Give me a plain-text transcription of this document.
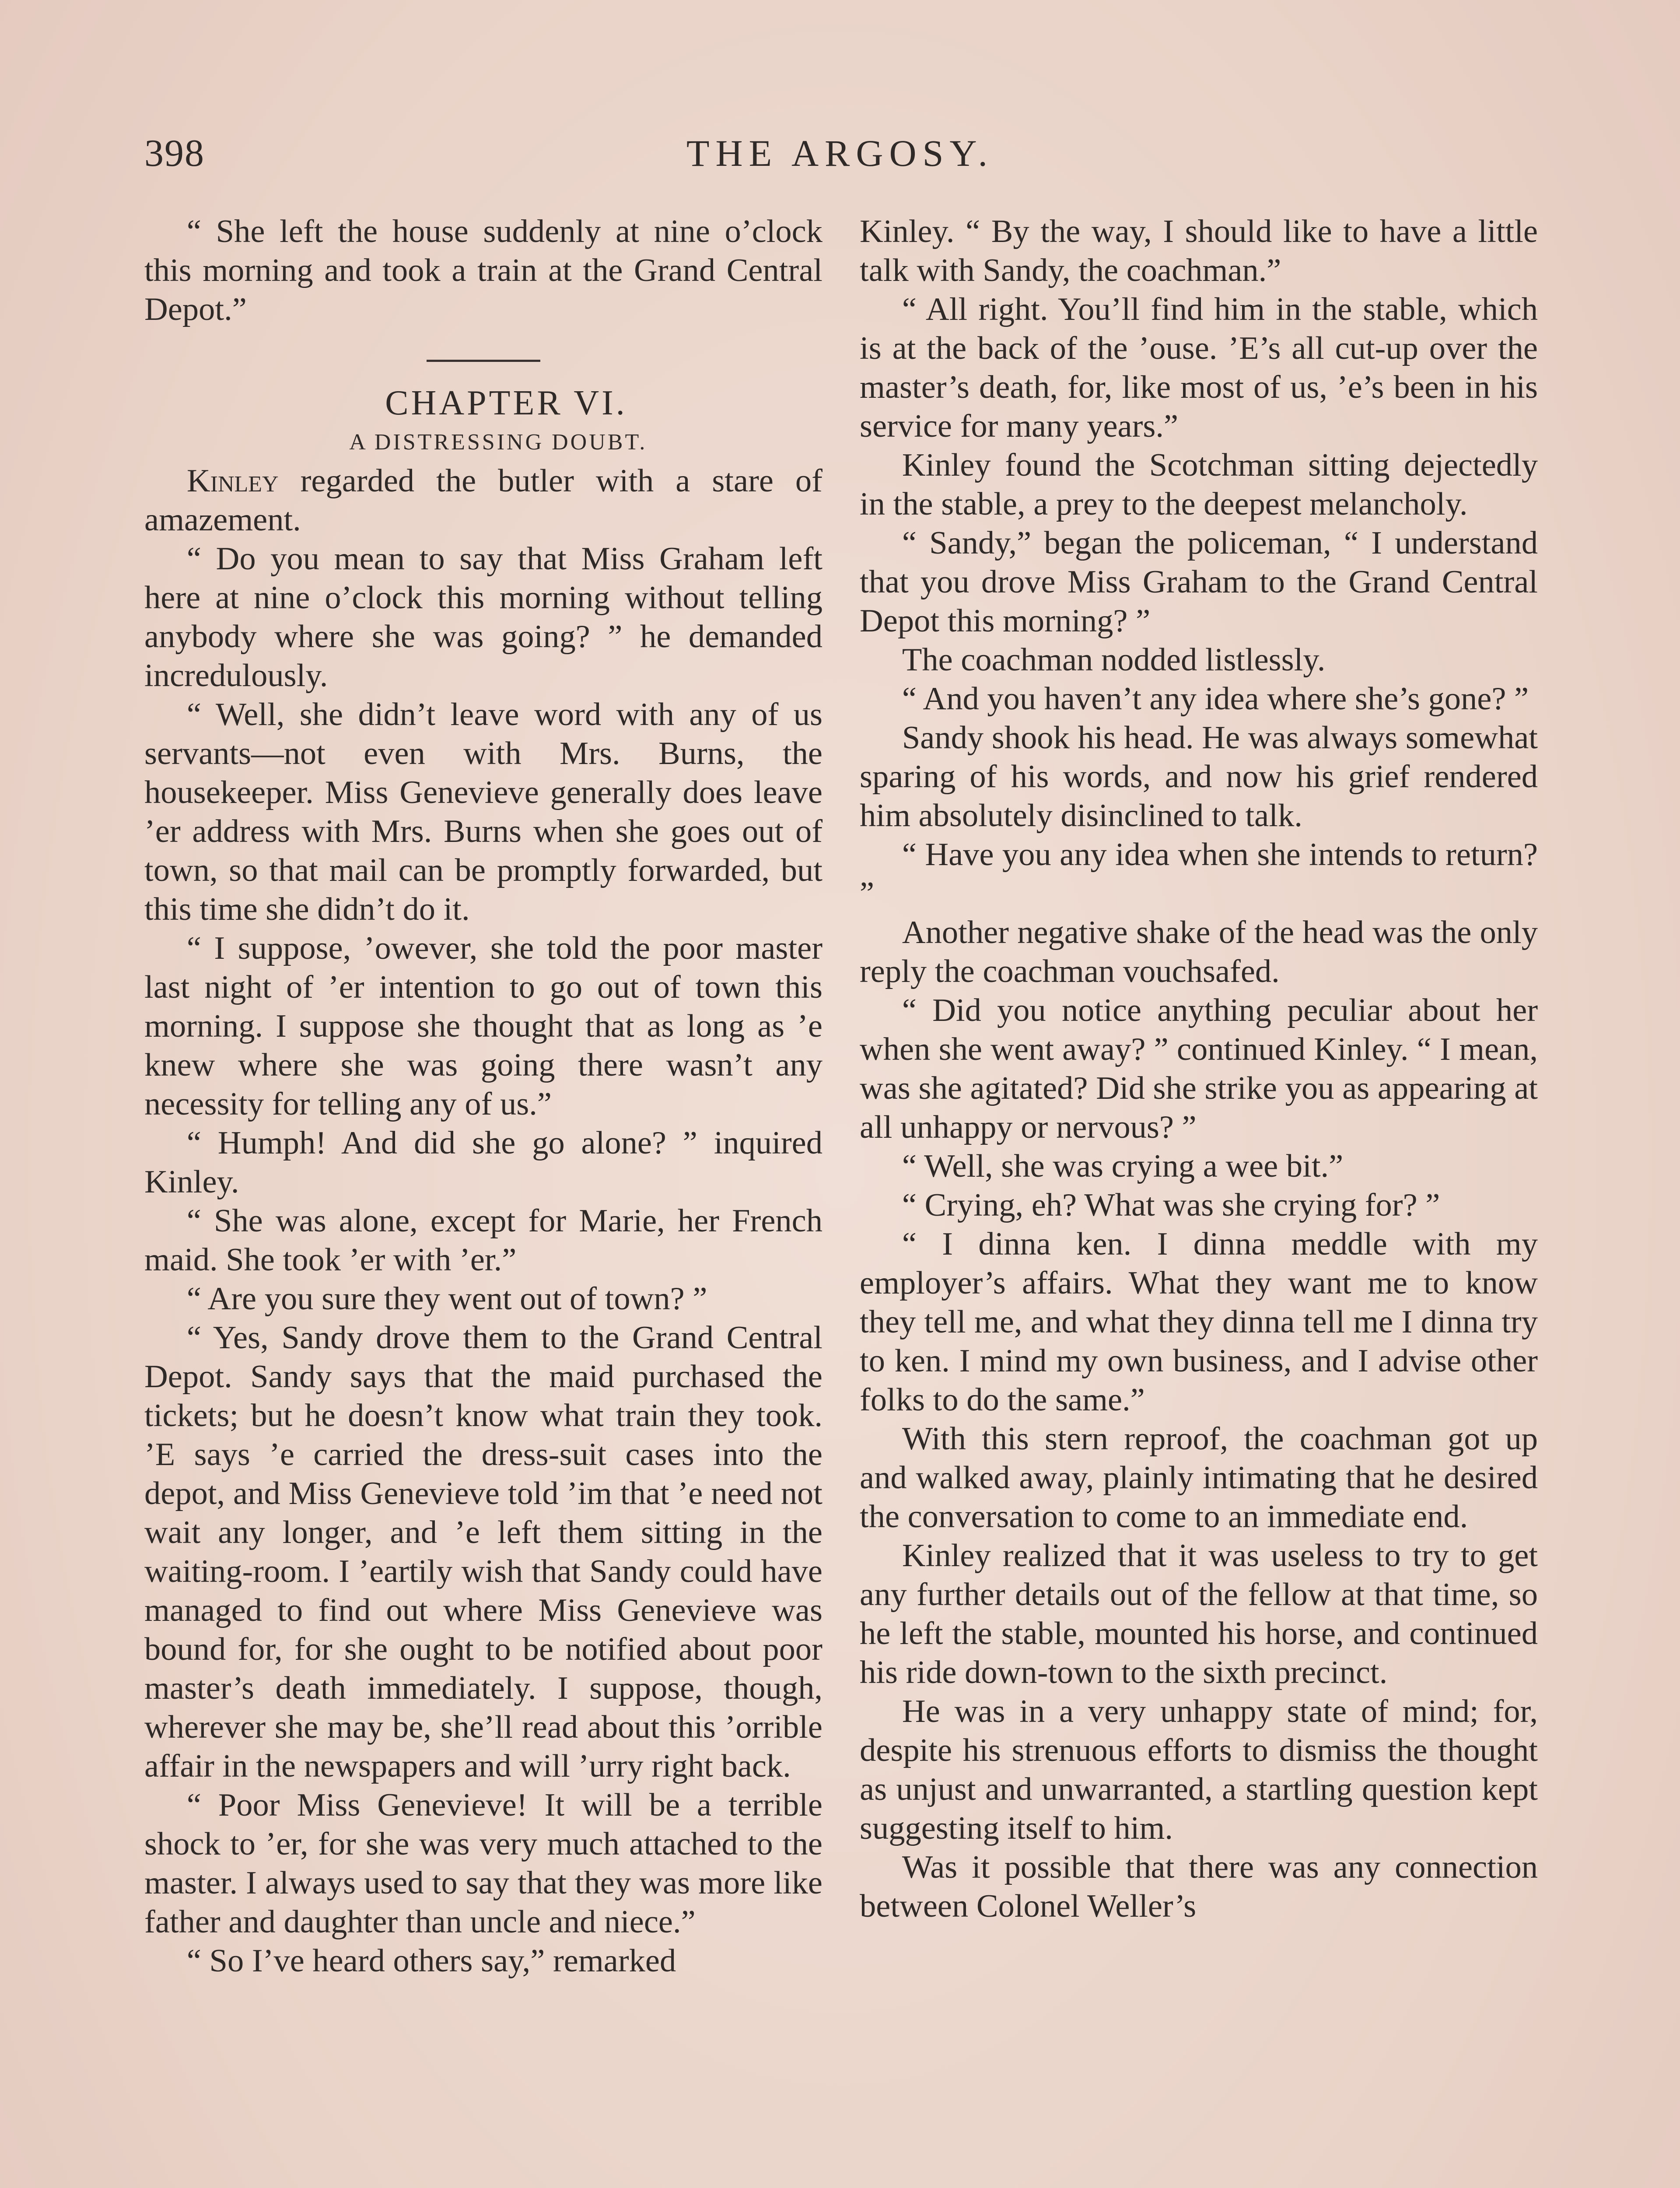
398	THE ARGOSY.

“ She left the house suddenly at nine o’clock this morning and took a train at the Grand Central Depot.”

CHAPTER VI.

A DISTRESSING DOUBT.

Kinley regarded the butler with a stare of amazement.

“ Do you mean to say that Miss Graham left here at nine o’clock this morning without telling anybody where she was going? ” he demanded incredulously.

“ Well, she didn’t leave word with any of us servants—not even with Mrs. Burns, the housekeeper. Miss Genevieve generally does leave ’er address with Mrs. Burns when she goes out of town, so that mail can be promptly forwarded, but this time she didn’t do it.

“ I suppose, ’owever, she told the poor master last night of ’er intention to go out of town this morning. I suppose she thought that as long as ’e knew where she was going there wasn’t any necessity for telling any of us.”

“ Humph! And did she go alone? ” inquired Kinley.

“ She was alone, except for Marie, her French maid. She took ’er with ’er.”

“ Are you sure they went out of town? ”

“ Yes, Sandy drove them to the Grand Central Depot. Sandy says that the maid purchased the tickets; but he doesn’t know what train they took. ’E says ’e carried the dress-suit cases into the depot, and Miss Genevieve told ’im that ’e need not wait any longer, and ’e left them sitting in the waiting-room. I ’eartily wish that Sandy could have managed to find out where Miss Genevieve was bound for, for she ought to be notified about poor master’s death immediately. I suppose, though, wherever she may be, she’ll read about this ’orrible affair in the newspapers and will ’urry right back.

“ Poor Miss Genevieve! It will be a terrible shock to ’er, for she was very much attached to the master. I always used to say that they was more like father and daughter than uncle and niece.”

“ So I’ve heard others say,” remarked

Kinley. “ By the way, I should like to have a little talk with Sandy, the coachman.”

“ All right. You’ll find him in the stable, which is at the back of the ’ouse. ’E’s all cut-up over the master’s death, for, like most of us, ’e’s been in his service for many years.”

Kinley found the Scotchman sitting dejectedly in the stable, a prey to the deepest melancholy.

“ Sandy,” began the policeman, “ I understand that you drove Miss Graham to the Grand Central Depot this morning? ”

The coachman nodded listlessly.

“ And you haven’t any idea where she’s gone? ”

Sandy shook his head. He was always somewhat sparing of his words, and now his grief rendered him absolutely disinclined to talk.

“ Have you any idea when she intends to return? ”

Another negative shake of the head was the only reply the coachman vouchsafed.

“ Did you notice anything peculiar about her when she went away? ” continued Kinley. “ I mean, was she agitated? Did she strike you as appearing at all unhappy or nervous? ”

“ Well, she was crying a wee bit.”

“ Crying, eh? What was she crying for? ”

“ I dinna ken. I dinna meddle with my employer’s affairs. What they want me to know they tell me, and what they dinna tell me I dinna try to ken. I mind my own business, and I advise other folks to do the same.”

With this stern reproof, the coachman got up and walked away, plainly intimating that he desired the conversation to come to an immediate end.

Kinley realized that it was useless to try to get any further details out of the fellow at that time, so he left the stable, mounted his horse, and continued his ride down-town to the sixth precinct.

He was in a very unhappy state of mind; for, despite his strenuous efforts to dismiss the thought as unjust and unwarranted, a startling question kept suggesting itself to him.

Was it possible that there was any connection between Colonel Weller’s
